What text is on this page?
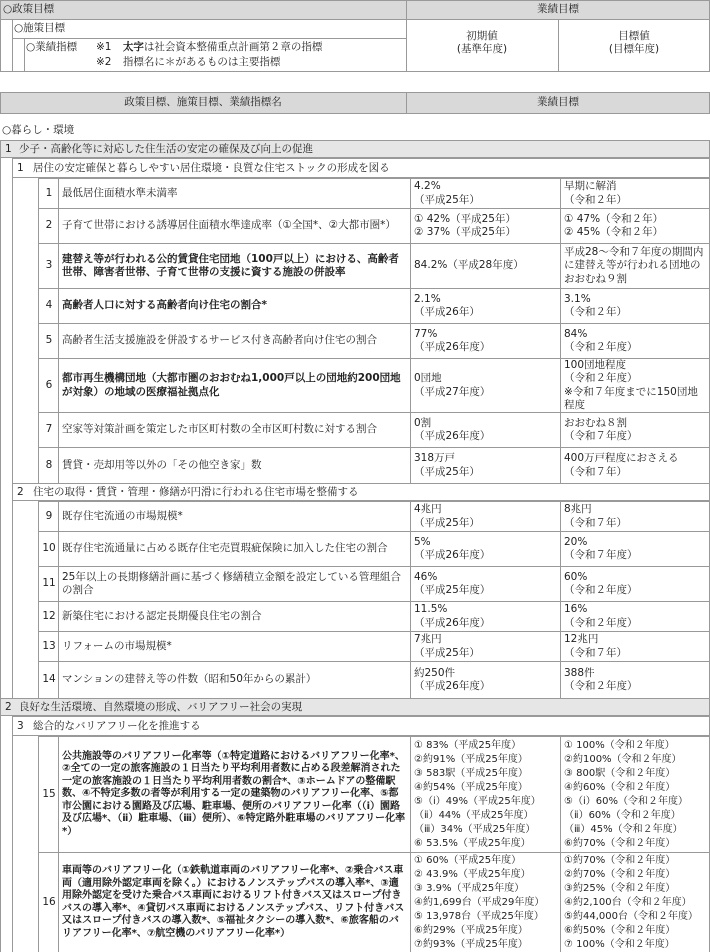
○政策目標
○施策目標
○業績指標 ※1 太字は社会資本整備重点計画第２章の指標
※2 指標名に＊があるものは主要指標
業績目標
初期値
(基準年度)
目標値
(目標年度)
政策目標、施策目標、業績指標名	業績目標
○暮らし・環境
1 少子・高齢化等に対応した住生活の安定の確保及び向上の促進
1 居住の安定確保と暮らしやすい居住環境・良質な住宅ストックの形成を図る
2 住宅の取得・賃貸・管理・修繕が円滑に行われる住宅市場を整備する
2 良好な生活環境、自然環境の形成、バリアフリー社会の実現
3 総合的なバリアフリー化を推進する
1 最低居住面積水準未満率
4.2%
（平成25年）
早期に解消
（令和２年）
2 子育て世帯における誘導居住面積水準達成率（①全国*、②大都市圏*）
① 42%（平成25年）
② 37%（平成25年）
① 47%（令和２年）
② 45%（令和２年）
3
建替え等が行われる公的賃貸住宅団地（100戸以上）における、高齢者世帯、障害者世帯、子育て世帯の支援に資する施設の併設率
84.2%（平成28年度）
平成28～令和７年度の期間内に建替え等が行われる団地のおおむね９割
4 高齢者人口に対する高齢者向け住宅の割合*
2.1%
（平成26年）
3.1%
（令和２年）
5 高齢者生活支援施設を併設するサービス付き高齢者向け住宅の割合
77%
（平成26年度）
84%
（令和２年度）
6
都市再生機構団地（大都市圏のおおむね1,000戸以上の団地約200団地が対象）の地域の医療福祉拠点化
0団地
（平成27年度）
100団地程度
（令和２年度）
※令和７年度までに150団地程度
7 空家等対策計画を策定した市区町村数の全市区町村数に対する割合
0割
（平成26年度）
おおむね８割
（令和７年度）
8 賃貸・売却用等以外の「その他空き家」数
318万戸
（平成25年）
400万戸程度におさえる
（令和７年）
9 既存住宅流通の市場規模*
4兆円
（平成25年）
8兆円
（令和７年）
10 既存住宅流通量に占める既存住宅売買瑕疵保険に加入した住宅の割合
5%
（平成26年度）
20%
（令和７年度）
11
25年以上の長期修繕計画に基づく修繕積立金額を設定している管理組合の割合
46%
（平成25年度）
60%
（令和２年度）
12 新築住宅における認定長期優良住宅の割合
11.5%
（平成26年度）
16%
（令和２年度）
13 リフォームの市場規模*
7兆円
（平成25年）
12兆円
（令和７年）
14 マンションの建替え等の件数（昭和50年からの累計）
約250件
（平成26年度）
388件
（令和２年度）
15
公共施設等のバリアフリー化率等（①特定道路におけるバリアフリー化率*、②全ての一定の旅客施設の１日当たり平均利用者数に占める段差解消された一定の旅客施設の１日当たり平均利用者数の割合*、③ホームドアの整備駅数、④不特定多数の者等が利用する一定の建築物のバリアフリー化率、⑤都市公園における園路及び広場、駐車場、便所のバリアフリー化率（（ⅰ）園路及び広場*、（ⅱ）駐車場、（ⅲ）便所）、⑥特定路外駐車場のバリアフリー化率*）
① 83%（平成25年度）
②約91%（平成25年度）
③ 583駅（平成25年度）
④約54%（平成25年度）
⑤（ⅰ）49%（平成25年度）
（ⅱ）44%（平成25年度）
（ⅲ）34%（平成25年度）
⑥ 53.5%（平成25年度）
① 100%（令和２年度）
②約100%（令和２年度）
③ 800駅（令和２年度）
④約60%（令和２年度）
⑤（ⅰ）60%（令和２年度）
（ⅱ）60%（令和２年度）
（ⅲ）45%（令和２年度）
⑥約70%（令和２年度）
16
車両等のバリアフリー化（①鉄軌道車両のバリアフリー化率*、②乗合バス車両（適用除外認定車両を除く。）におけるノンステップバスの導入率*、③適用除外認定を受けた乗合バス車両におけるリフト付きバス又はスロープ付きバスの導入率*、④貸切バス車両におけるノンステップバス、リフト付きバス又はスロープ付きバスの導入数*、⑤福祉タクシーの導入数*、⑥旅客船のバリアフリー化率*、⑦航空機のバリアフリー化率*）
① 60%（平成25年度）
② 43.9%（平成25年度）
③ 3.9%（平成25年度）
④約1,699台（平成29年度）
⑤ 13,978台（平成25年度）
⑥約29%（平成25年度）
⑦約93%（平成25年度）
①約70%（令和２年度）
②約70%（令和２年度）
③約25%（令和２年度）
④約2,100台（令和２年度）
⑤約44,000台（令和２年度）
⑥約50%（令和２年度）
⑦ 100%（令和２年度）
